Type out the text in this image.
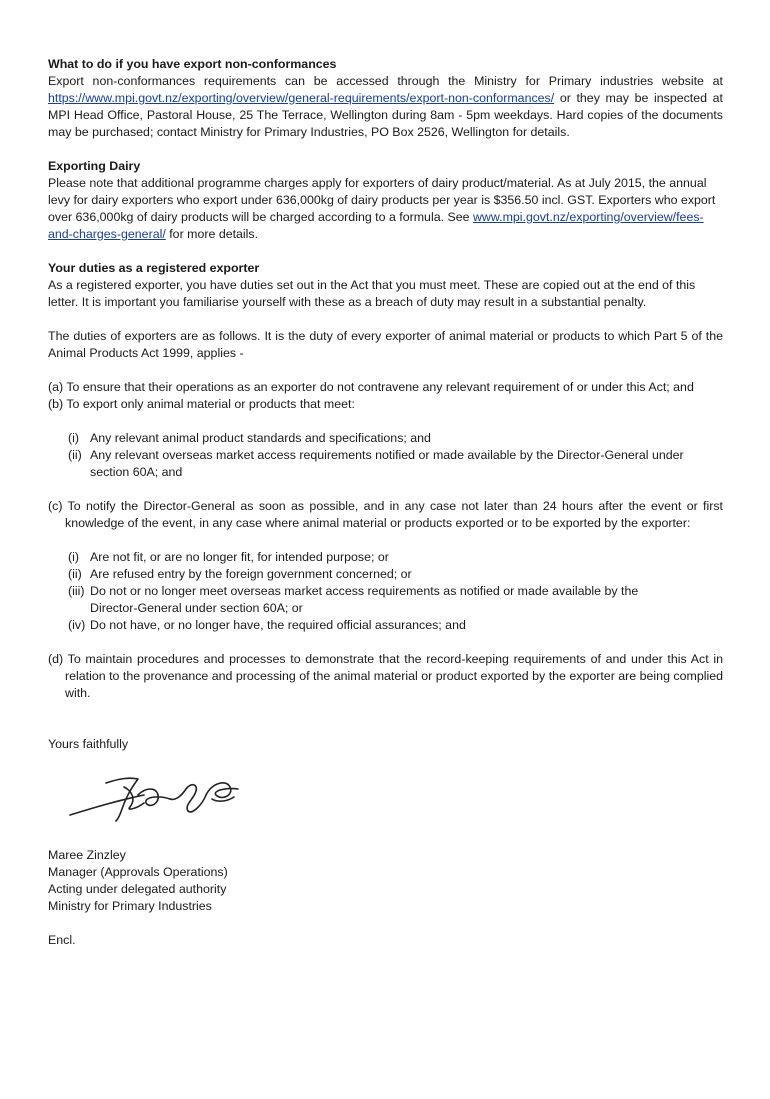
What to do if you have export non-conformances

Export non-conformances requirements can be accessed through the Ministry for Primary industries website at https://www.mpi.govt.nz/exporting/overview/general-requirements/export-non-conformances/ or they may be inspected at MPI Head Office, Pastoral House, 25 The Terrace, Wellington during 8am - 5pm weekdays. Hard copies of the documents may be purchased; contact Ministry for Primary Industries, PO Box 2526, Wellington for details.

Exporting Dairy

Please note that additional programme charges apply for exporters of dairy product/material. As at July 2015, the annual levy for dairy exporters who export under 636,000kg of dairy products per year is $356.50 incl. GST. Exporters who export over 636,000kg of dairy products will be charged according to a formula. See www.mpi.govt.nz/exporting/overview/fees-and-charges-general/ for more details.

Your duties as a registered exporter

As a registered exporter, you have duties set out in the Act that you must meet. These are copied out at the end of this letter. It is important you familiarise yourself with these as a breach of duty may result in a substantial penalty.

The duties of exporters are as follows. It is the duty of every exporter of animal material or products to which Part 5 of the Animal Products Act 1999, applies -

(a) To ensure that their operations as an exporter do not contravene any relevant requirement of or under this Act; and

(b) To export only animal material or products that meet:

(i) Any relevant animal product standards and specifications; and

(ii) Any relevant overseas market access requirements notified or made available by the Director-General under section 60A; and

(c) To notify the Director-General as soon as possible, and in any case not later than 24 hours after the event or first knowledge of the event, in any case where animal material or products exported or to be exported by the exporter:

(i) Are not fit, or are no longer fit, for intended purpose; or

(ii) Are refused entry by the foreign government concerned; or

(iii) Do not or no longer meet overseas market access requirements as notified or made available by the Director-General under section 60A; or

(iv) Do not have, or no longer have, the required official assurances; and

(d) To maintain procedures and processes to demonstrate that the record-keeping requirements of and under this Act in relation to the provenance and processing of the animal material or product exported by the exporter are being complied with.

Yours faithfully

Maree Zinzley

Manager (Approvals Operations)

Acting under delegated authority

Ministry for Primary Industries

Encl.
